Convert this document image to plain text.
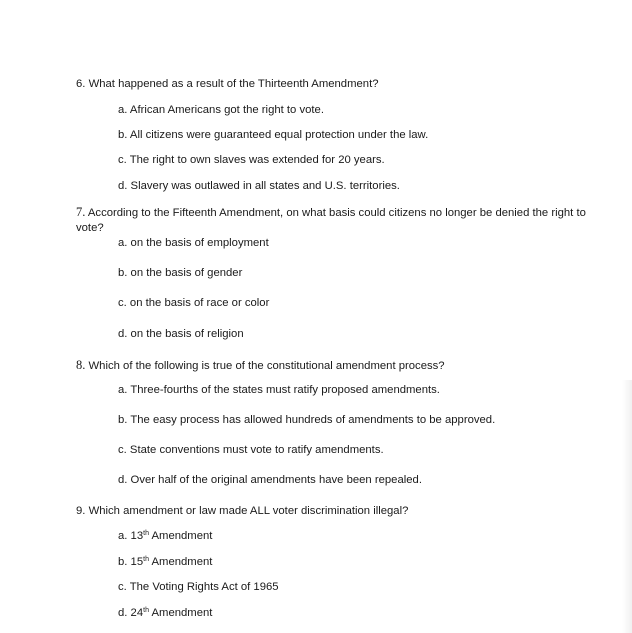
6. What happened as a result of the Thirteenth Amendment?
a. African Americans got the right to vote.
b. All citizens were guaranteed equal protection under the law.
c. The right to own slaves was extended for 20 years.
d. Slavery was outlawed in all states and U.S. territories.
7. According to the Fifteenth Amendment, on what basis could citizens no longer be denied the right to vote?
a. on the basis of employment
b. on the basis of gender
c. on the basis of race or color
d. on the basis of religion
8. Which of the following is true of the constitutional amendment process?
a. Three-fourths of the states must ratify proposed amendments.
b. The easy process has allowed hundreds of amendments to be approved.
c. State conventions must vote to ratify amendments.
d. Over half of the original amendments have been repealed.
9. Which amendment or law made ALL voter discrimination illegal?
a. 13th Amendment
b. 15th Amendment
c. The Voting Rights Act of 1965
d. 24th Amendment
